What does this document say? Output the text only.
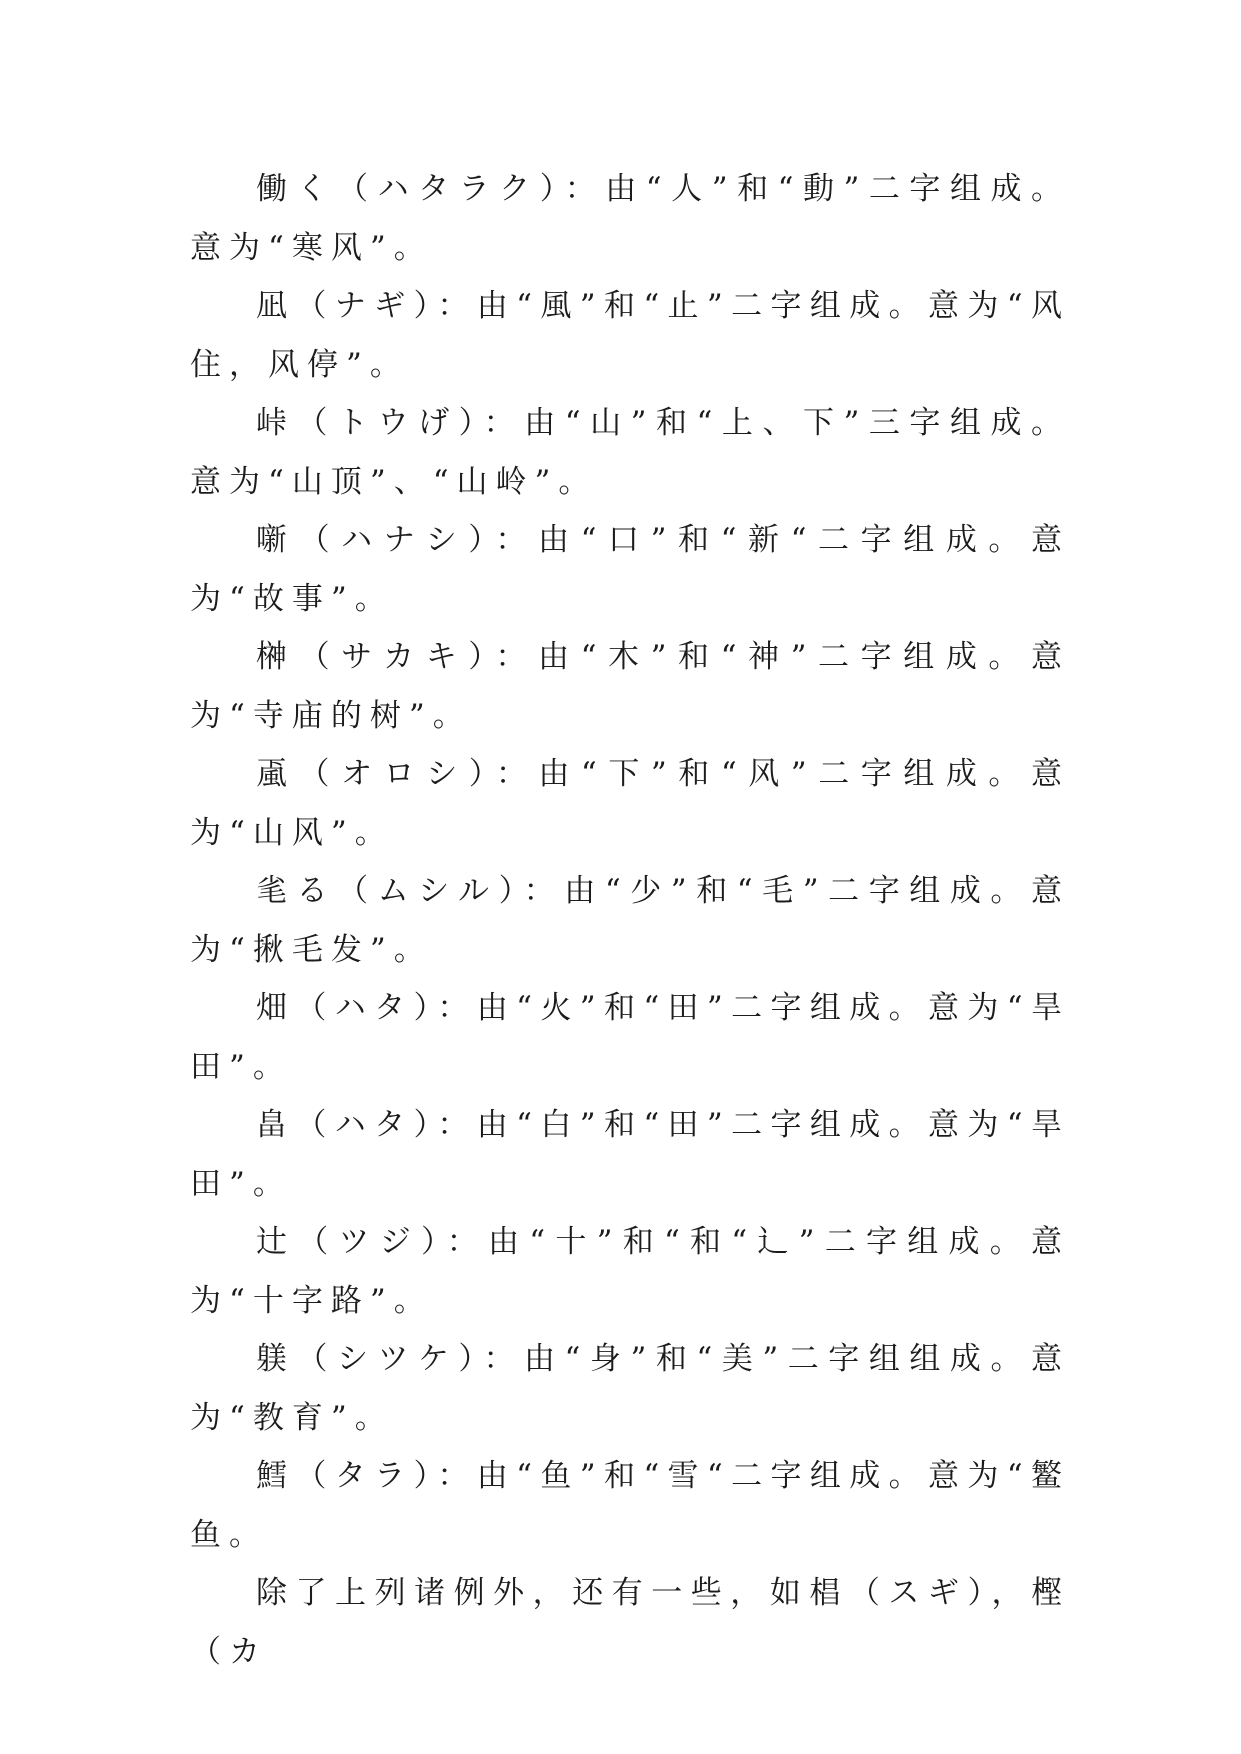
働く（ハタラク）：由“人”和“動”二字组成。意为“寒风”。

凪（ナギ）：由“風”和“止”二字组成。意为“风住，风停”。

峠（トウげ）：由“山”和“上、下”三字组成。意为“山顶”、“山岭”。

噺（ハナシ）：由“口”和“新“二字组成。意为“故事”。

榊（サカキ）：由“木”和“神”二字组成。意为“寺庙的树”。

颪（オロシ）：由“下”和“风”二字组成。意为“山风”。

毟る（ムシル）：由“少”和“毛”二字组成。意为“揪毛发”。

畑（ハタ）：由“火”和“田”二字组成。意为“旱田”。

畠（ハタ）：由“白”和“田”二字组成。意为“旱田”。

辻（ツジ）：由“十”和“和“⻌”二字组成。意为“十字路”。

躾（シツケ）：由“身”和“美”二字组组成。意为“教育”。

鱈（タラ）：由“鱼”和“雪“二字组成。意为“鳘鱼。

除了上列诸例外，还有一些，如椙（スギ），樫（カ
